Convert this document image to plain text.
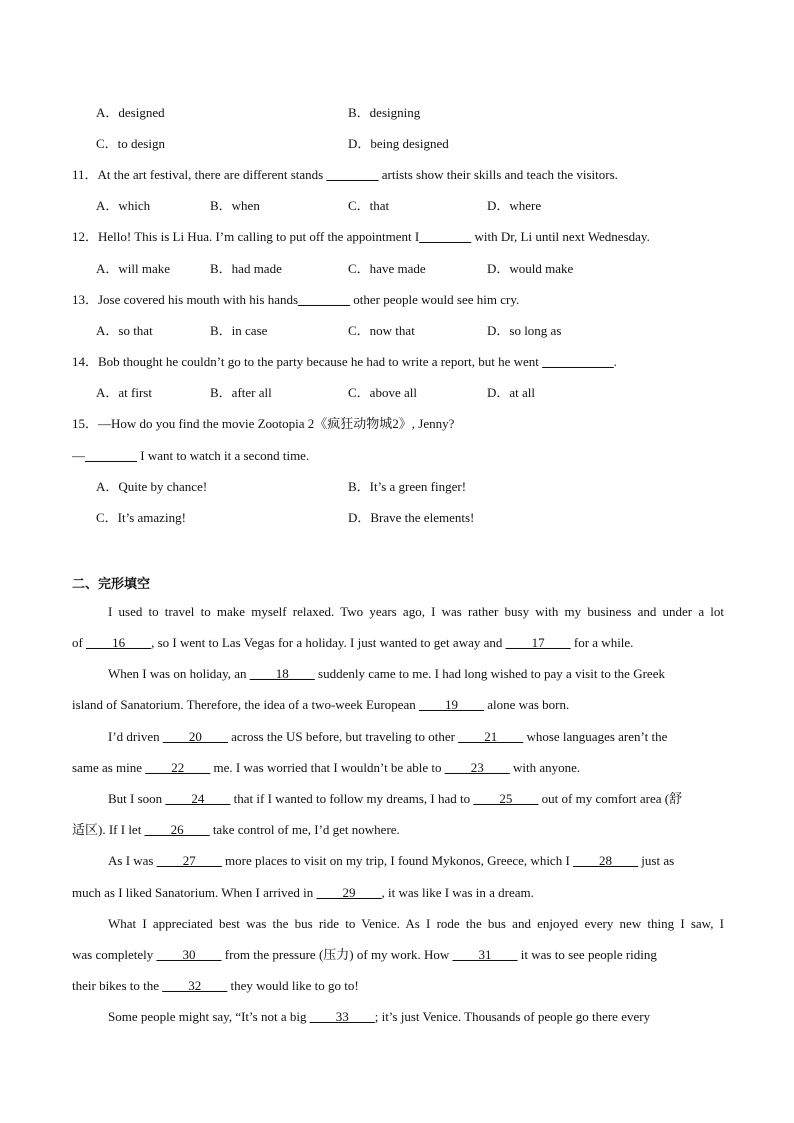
A．designed	B．designing
C．to design	D．being designed
11．At the art festival, there are different stands ________ artists show their skills and teach the visitors.
A．which	B．when	C．that	D．where
12．Hello! This is Li Hua. I’m calling to put off the appointment I________ with Dr, Li until next Wednesday.
A．will make	B．had made	C．have made	D．would make
13．Jose covered his mouth with his hands________ other people would see him cry.
A．so that	B．in case	C．now that	D．so long as
14．Bob thought he couldn’t go to the party because he had to write a report, but he went ___________.
A．at first	B．after all	C．above all	D．at all
15．—How do you find the movie Zootopia 2《疯狂动物城2》, Jenny?
—________ I want to watch it a second time.
A．Quite by chance!	B．It’s a green finger!
C．It’s amazing!	D．Brave the elements!
二、完形填空
I used to travel to make myself relaxed. Two years ago, I was rather busy with my business and under a lot
of ____16____, so I went to Las Vegas for a holiday. I just wanted to get away and ____17____ for a while.
When I was on holiday, an ____18____ suddenly came to me. I had long wished to pay a visit to the Greek
island of Sanatorium. Therefore, the idea of a two-week European ____19____ alone was born.
I’d driven ____20____ across the US before, but traveling to other ____21____ whose languages aren’t the
same as mine ____22____ me. I was worried that I wouldn’t be able to ____23____ with anyone.
But I soon ____24____ that if I wanted to follow my dreams, I had to ____25____ out of my comfort area (舒
适区). If I let ____26____ take control of me, I’d get nowhere.
As I was ____27____ more places to visit on my trip, I found Mykonos, Greece, which I ____28____ just as
much as I liked Sanatorium. When I arrived in ____29____, it was like I was in a dream.
What I appreciated best was the bus ride to Venice. As I rode the bus and enjoyed every new thing I saw, I
was completely ____30____ from the pressure (压力) of my work. How ____31____ it was to see people riding
their bikes to the ____32____ they would like to go to!
Some people might say, “It’s not a big ____33____; it’s just Venice. Thousands of people go there every
